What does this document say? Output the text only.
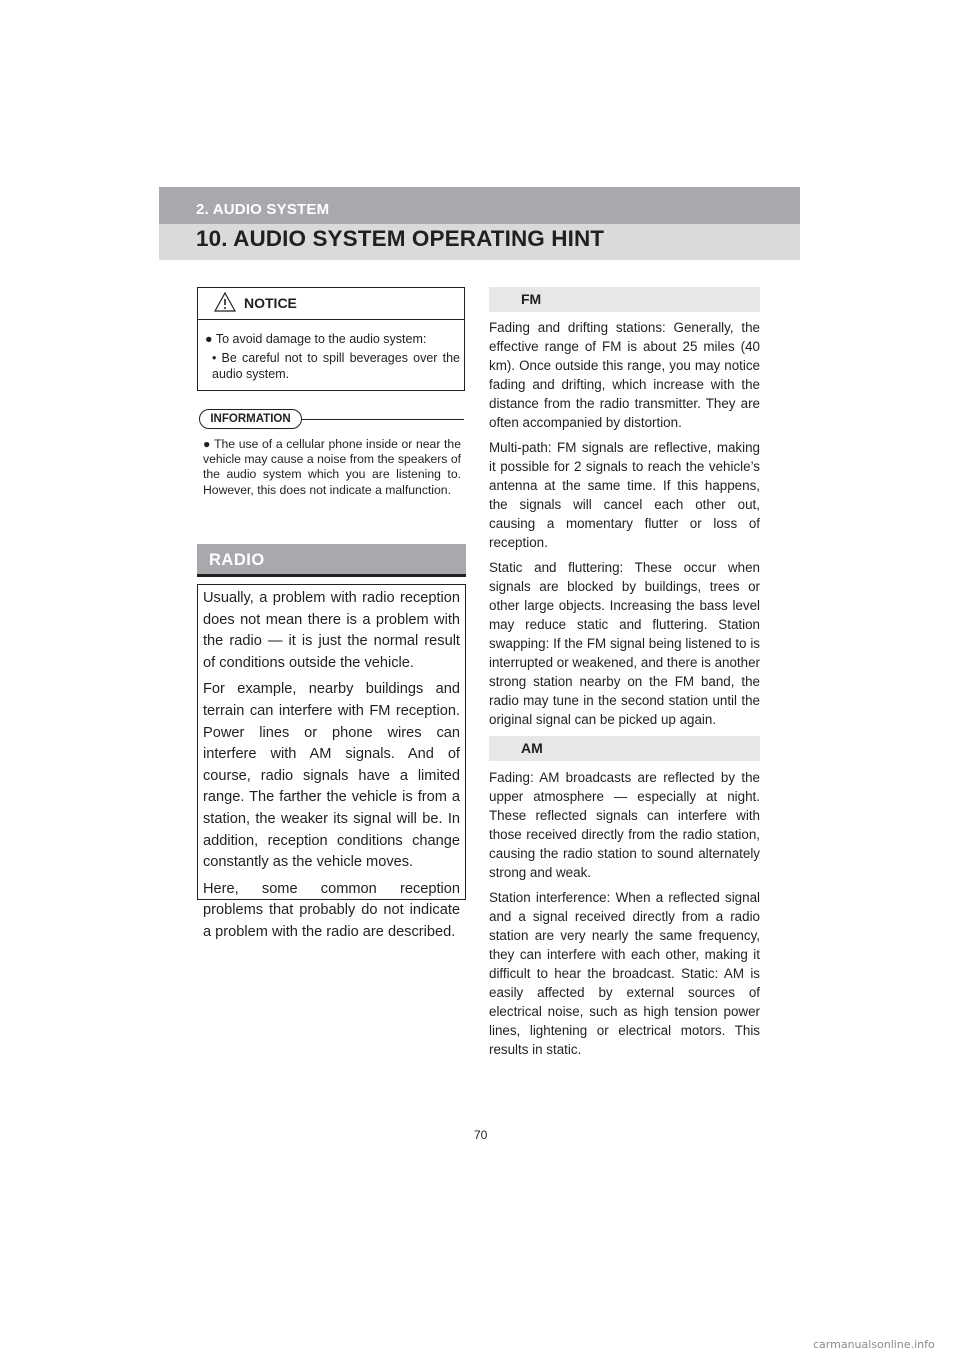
2. AUDIO SYSTEM
10. AUDIO SYSTEM OPERATING HINT
NOTICE
● To avoid damage to the audio system:
• Be careful not to spill beverages over the audio system.
INFORMATION
● The use of a cellular phone inside or near the vehicle may cause a noise from the speakers of the audio system which you are listening to. However, this does not indicate a malfunction.
RADIO

Usually, a problem with radio reception does not mean there is a problem with the radio — it is just the normal result of conditions outside the vehicle.

For example, nearby buildings and terrain can interfere with FM reception. Power lines or phone wires can interfere with AM signals. And of course, radio signals have a limited range. The farther the vehicle is from a station, the weaker its signal will be. In addition, reception conditions change constantly as the vehicle moves.

Here, some common reception problems that probably do not indicate a problem with the radio are described.

FM

Fading and drifting stations: Generally, the effective range of FM is about 25 miles (40 km). Once outside this range, you may notice fading and drifting, which increase with the distance from the radio transmitter. They are often accompanied by distortion.

Multi-path: FM signals are reflective, making it possible for 2 signals to reach the vehicle’s antenna at the same time. If this happens, the signals will cancel each other out, causing a momentary flutter or loss of reception.

Static and fluttering: These occur when signals are blocked by buildings, trees or other large objects. Increasing the bass level may reduce static and fluttering. Station swapping: If the FM signal being listened to is interrupted or weakened, and there is another strong station nearby on the FM band, the radio may tune in the second station until the original signal can be picked up again.

AM

Fading: AM broadcasts are reflected by the upper atmosphere — especially at night. These reflected signals can interfere with those received directly from the radio station, causing the radio station to sound alternately strong and weak.

Station interference: When a reflected signal and a signal received directly from a radio station are very nearly the same frequency, they can interfere with each other, making it difficult to hear the broadcast. Static: AM is easily affected by external sources of electrical noise, such as high tension power lines, lightening or electrical motors. This results in static.

70
carmanualsonline.info
